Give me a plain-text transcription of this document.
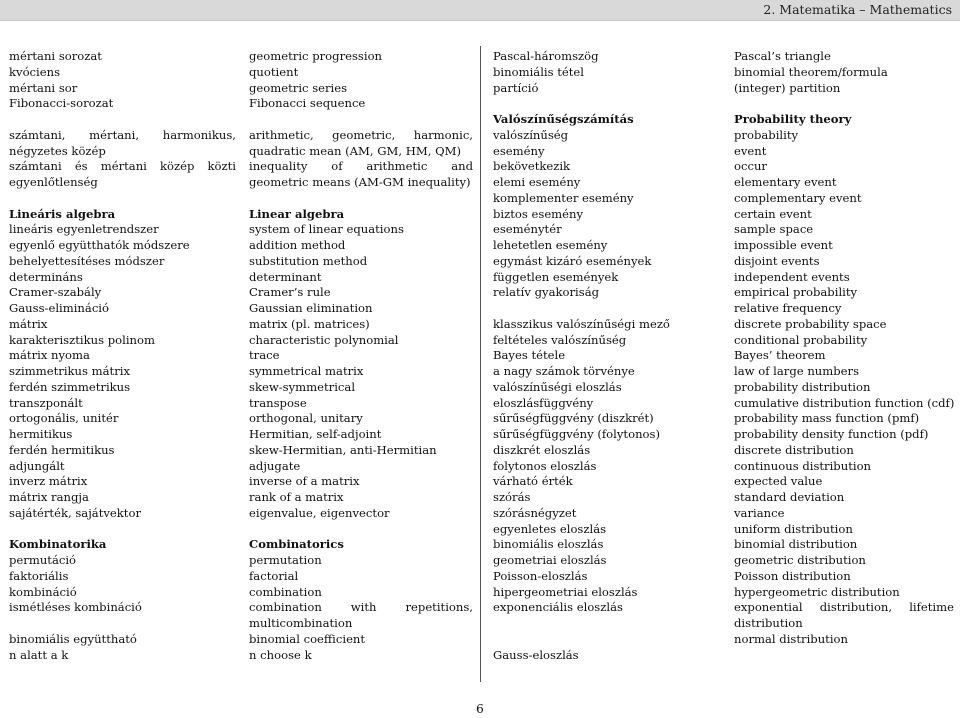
2. Matematika – Mathematics
mértani sorozat
kvóciens
mértani sor
Fibonacci-sorozat
számtani, mértani, harmonikus, négyzetes közép
számtani és mértani közép közti egyenlőtlenség
Lineáris algebra
lineáris egyenletrendszer
egyenlő együtthatók módszere
behelyettesítéses módszer
determináns
Cramer-szabály
Gauss-elimináció
mátrix
karakterisztikus polinom
mátrix nyoma
szimmetrikus mátrix
ferdén szimmetrikus
transzponált
ortogonális, unitér
hermitikus
ferdén hermitikus
adjungált
inverz mátrix
mátrix rangja
sajátérték, sajátvektor
Kombinatorika
permutáció
faktoriális
kombináció
ismétléses kombináció
binomiális együttható
n alatt a k
geometric progression
quotient
geometric series
Fibonacci sequence
arithmetic, geometric, harmonic, quadratic mean (AM, GM, HM, QM)
inequality of arithmetic and geometric means (AM-GM inequality)
Linear algebra
system of linear equations
addition method
substitution method
determinant
Cramer’s rule
Gaussian elimination
matrix (pl. matrices)
characteristic polynomial
trace
symmetrical matrix
skew-symmetrical
transpose
orthogonal, unitary
Hermitian, self-adjoint
skew-Hermitian, anti-Hermitian
adjugate
inverse of a matrix
rank of a matrix
eigenvalue, eigenvector
Combinatorics
permutation
factorial
combination
combination with repetitions, multicombination
binomial coefficient
n choose k
Pascal-háromszög
binomiális tétel
partíció
Valószínűségszámítás
valószínűség
esemény
bekövetkezik
elemi esemény
komplementer esemény
biztos esemény
eseménytér
lehetetlen esemény
egymást kizáró események
független események
relatív gyakoriság
klasszikus valószínűségi mező
feltételes valószínűség
Bayes tétele
a nagy számok törvénye
valószínűségi eloszlás
eloszlásfüggvény
sűrűségfüggvény (diszkrét)
sűrűségfüggvény (folytonos)
diszkrét eloszlás
folytonos eloszlás
várható érték
szórás
szórásnégyzet
egyenletes eloszlás
binomiális eloszlás
geometriai eloszlás
Poisson-eloszlás
hipergeometriai eloszlás
exponenciális eloszlás
Gauss-eloszlás
Pascal’s triangle
binomial theorem/formula
(integer) partition
Probability theory
probability
event
occur
elementary event
complementary event
certain event
sample space
impossible event
disjoint events
independent events
empirical probability
relative frequency
discrete probability space
conditional probability
Bayes’ theorem
law of large numbers
probability distribution
cumulative distribution function (cdf)
probability mass function (pmf)
probability density function (pdf)
discrete distribution
continuous distribution
expected value
standard deviation
variance
uniform distribution
binomial distribution
geometric distribution
Poisson distribution
hypergeometric distribution
exponential distribution, lifetime distribution
normal distribution
6
